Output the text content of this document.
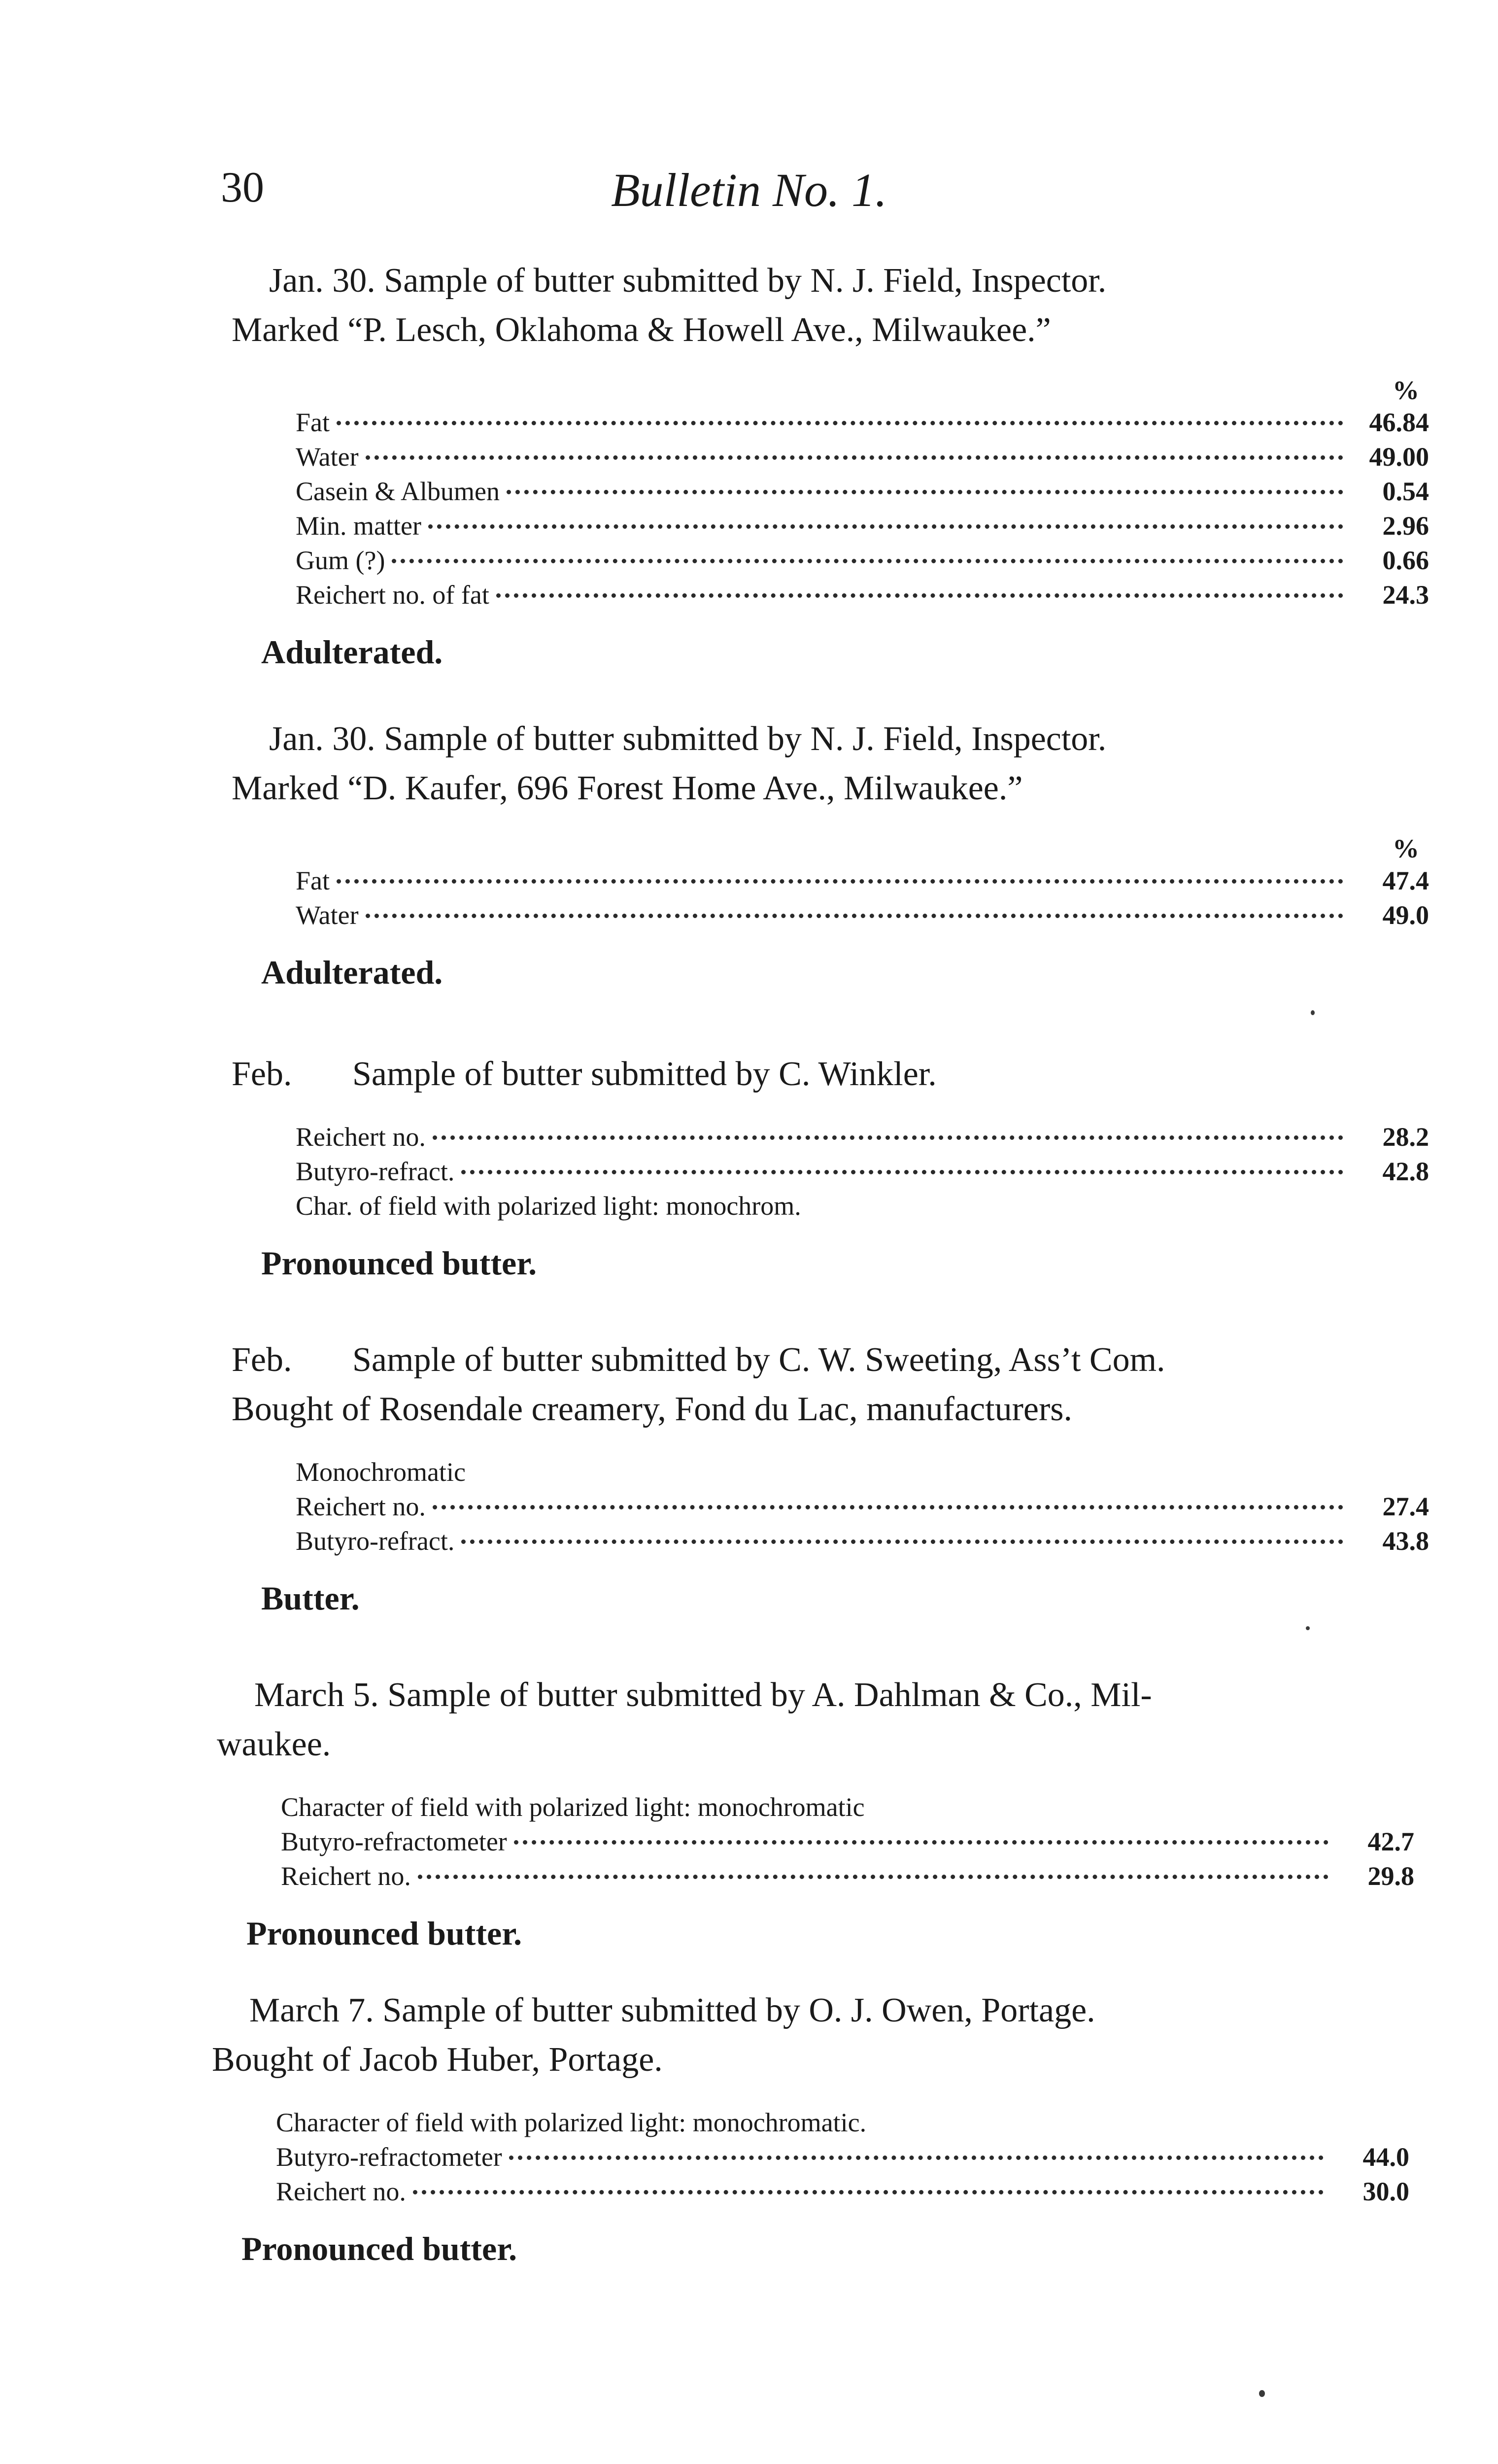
30	Bulletin No. 1.

Jan. 30. Sample of butter submitted by N. J. Field, Inspector.
Marked “P. Lesch, Oklahoma & Howell Ave., Milwaukee.”

%
Fat	46.84
Water	49.00
Casein & Albumen	0.54
Min. matter	2.96
Gum (?)	0.66
Reichert no. of fat	24.3
Adulterated.

Jan. 30. Sample of butter submitted by N. J. Field, Inspector.
Marked “D. Kaufer, 696 Forest Home Ave., Milwaukee.”

%
Fat	47.4
Water	49.0
Adulterated.

Feb.       Sample of butter submitted by C. Winkler.

Reichert no.	28.2
Butyro-refract.	42.8
Char. of field with polarized light: monochrom.
Pronounced butter.

Feb.       Sample of butter submitted by C. W. Sweeting, Ass’t Com.
Bought of Rosendale creamery, Fond du Lac, manufacturers.

Monochromatic
Reichert no.	27.4
Butyro-refract.	43.8
Butter.

March 5. Sample of butter submitted by A. Dahlman & Co., Mil-
waukee.

Character of field with polarized light: monochromatic
Butyro-refractometer	42.7
Reichert no.	29.8
Pronounced butter.

March 7. Sample of butter submitted by O. J. Owen, Portage.
Bought of Jacob Huber, Portage.

Character of field with polarized light: monochromatic.
Butyro-refractometer	44.0
Reichert no.	30.0
Pronounced butter.
